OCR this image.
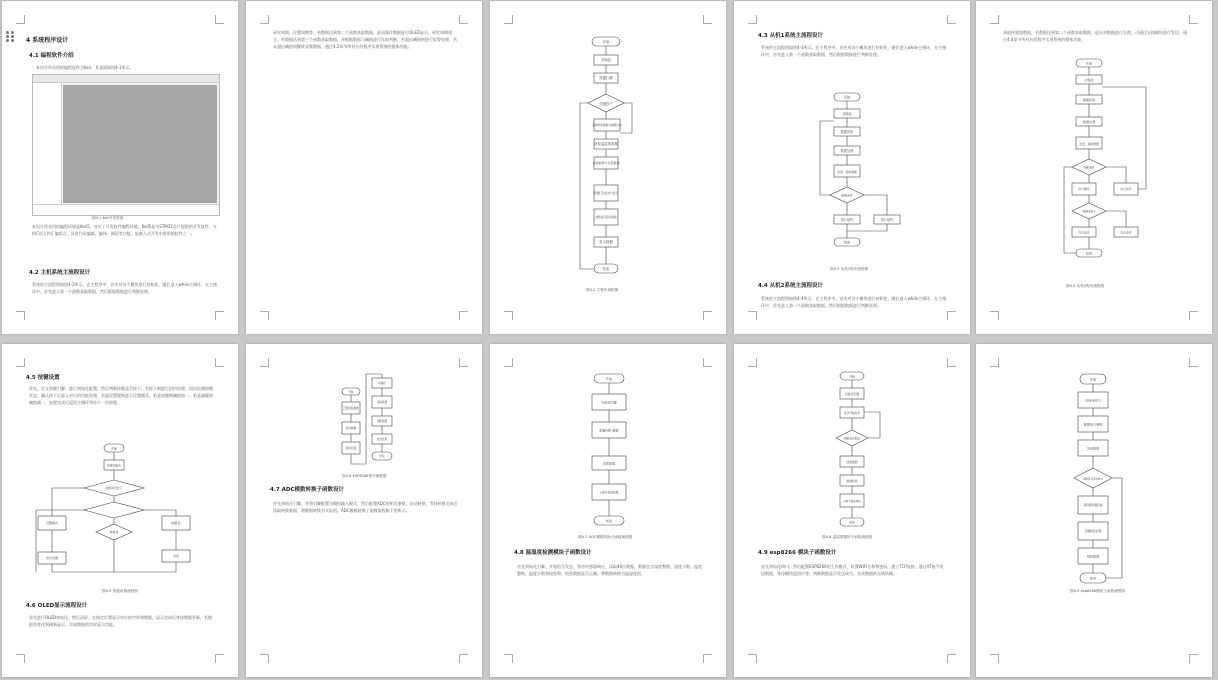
4 系统程序设计
4.1 编程软件介绍
本设计所采用的编程软件为Keil，其界面如图4-1所示。
图4-1 Keil开发界面
本设计所采用的编程环境是Keil5，对应了开发软件编程环境。Keil5是为STM32芯片提供的开发软件，支持C语言和汇编语言，具有代码编辑、编译、调试等功能，是嵌入式开发中常用的软件之一。
4.2 主机系统主流程设计
系统的主流程图如图4-2所示。在主程序中，首先对各个模块进行初始化，随后进入while主循环，在主循环中，首先进入第一个函数获取数据，然后根据数据进行判断处理。
研究周期，设置周期等，若数据达到第二个函数获取数据，进而操作数据进行OLED显示，研究周期建立，若数据达到第三个函数获取数据，并根据数据与阈值进行比较判断，若超出阈值则进行报警处理，若未超出阈值则继续采集数据，通过4.2章节所对应的程序实现系统的整体功能。
开始
初始化
按键扫描
按键按下
获取传感数据与阈值比较
获取温湿度数据
获取烟雾与火焰数据
数据打包发送与显示
判断是否超过阈值
显示数据
结束
图4-2 主程序流程图
4.3 从机1系统主流程设计
系统的主流程图如图4-3所示。在主程序中，首先对各个模块进行初始化，随后进入while主循环，在主循环中，首先进入第一个函数获取数据，然后根据数据进行判断处理。
开始
初始化
数据获取
数据处理
发送、接收数据
判断条件
执行动作	执行动作
结束
图4-3 从机1程序流程图
4.4 从机2系统主流程设计
系统的主流程图如图4-4所示。在主程序中，首先对各个模块进行初始化，随后进入while主循环，在主循环中，首先进入第一个函数获取数据，然后根据数据进行判断处理。
获取传感器数据，若数据达到第二个函数获取数据，进而对数据进行处理，可通过无线模块进行发送，通过4.4章节所对应的程序实现系统的整体功能。
开始
初始化
数据获取
数据处理
发送、接收数据
判断条件
执行操作	执行动作
判断条件2
执行动作	执行动作
结束
图4-4 从机2程序流程图
4.5 按键设置
首先，定义按键引脚，进行初始化配置，然后判断按键是否按下，若按下则进行消抖处理，再次检测按键状态，确认按下后进入对应的功能处理，若是设置键则进入设置模式，若是加键则阈值加一，若是减键则阈值减一，处理完成后返回主循环等待下一次按键。
开始
按键初始化
按键是否按下
设置模式	阈值加
阈值减
退出设置	返回
图4-5 按键设置流程图
4.6 OLED显示流程设计
首先进行OLED初始化，然后清屏，在指定位置显示对应的字符和数据，显示完成后等待数据更新，若数据有变化则刷新显示，实现数据的实时显示功能。
开始
设置初始参数
发送数据
等待回复
初始化
读取数据
判断数据
发送结果
结束
图4-6 ESP8266程序流程图
4.7 ADC模数转换子函数设计
首先初始化引脚，并将引脚配置为模拟输入模式，然后配置ADC的相关参数，启动转换，等待转换完成后读取转换数据，将数据转换为实际值。ADC模数转换子函数流程如下图所示。
开始
初始化引脚
配置ADC参数
读取数据
计算并返回结果
结束
图4-7 ADC模数转换子函数流程图
4.8 温湿度检测模块子函数设计
首先初始化引脚，开始信号发送，等待传感器响应，读取40位数据，数据包含湿度整数、湿度小数、温度整数、温度小数和校验和，校验数据是否正确，将数据转换为温湿度值。
开始
初始化引脚
发送开始信号
判断是否响应
读取数据
数据校验
转换为温湿度值
结束
图4-8 温湿度模块子函数流程图
4.9 esp8266 模块子函数设计
首先初始化串口，然后配置ESP8266的工作模式，设置WIFI名称和密码，建立TCP连接，通过AT指令发送数据，等待模块返回应答，判断数据是否发送成功，完成数据的无线传输。
开始
初始化串口
配置串口参数
发送数据
判断是否发送成功
等待服务器回复
数据接收处理
接收数据
结束
图4-9 esp8266模块子函数流程图
